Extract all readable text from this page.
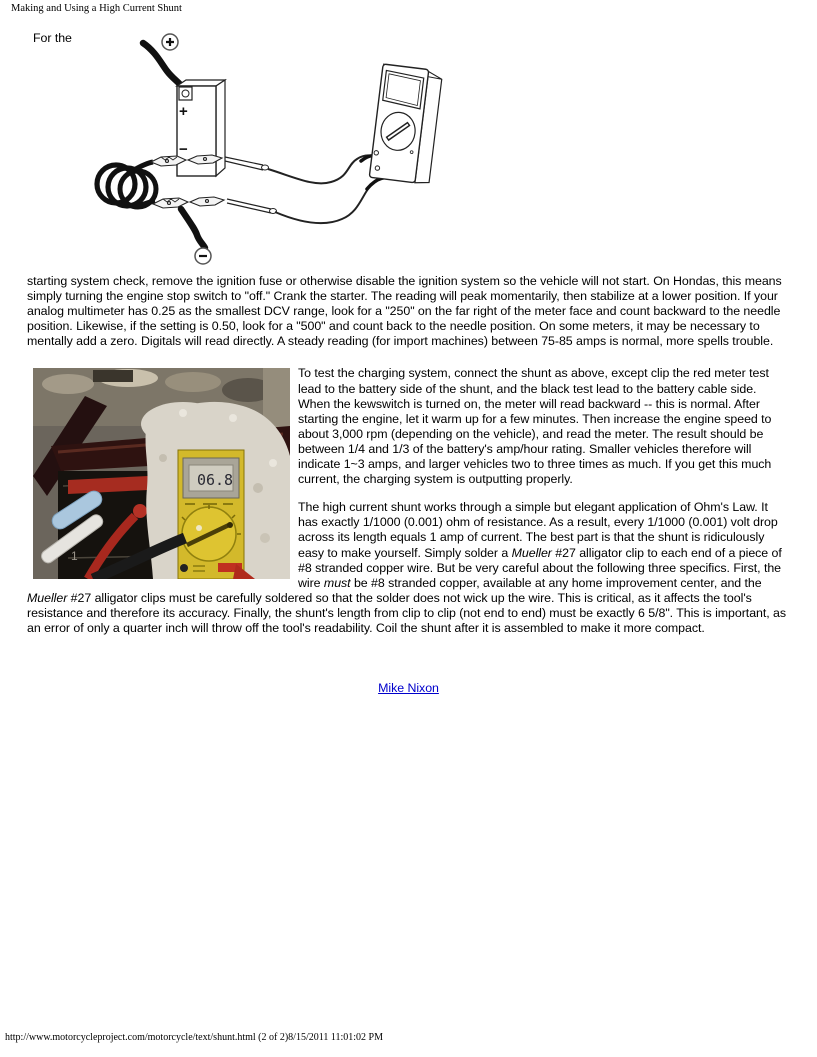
Making and Using a High Current Shunt
For the
+
−

starting system check, remove the ignition fuse or otherwise disable the ignition system so the vehicle will not start. On Hondas, this means simply turning the engine stop switch to "off." Crank the starter. The reading will peak momentarily, then stabilize at a lower position. If your analog multimeter has 0.25 as the smallest DCV range, look for a "250" on the far right of the meter face and count backward to the needle position. Likewise, if the setting is 0.50, look for a "500" and count back to the needle position. On some meters, it may be necessary to mentally add a zero. Digitals will read directly. A steady reading (for import machines) between 75-85 amps is normal, more spells trouble.

06.8
1

To test the charging system, connect the shunt as above, except clip the red meter test lead to the battery side of the shunt, and the black test lead to the battery cable side. When the kewswitch is turned on, the meter will read backward -- this is normal. After starting the engine, let it warm up for a few minutes. Then increase the engine speed to about 3,000 rpm (depending on the vehicle), and read the meter. The result should be between 1/4 and 1/3 of the battery's amp/hour rating. Smaller vehicles therefore will indicate 1~3 amps, and larger vehicles two to three times as much. If you get this much current, the charging system is outputting properly.

The high current shunt works through a simple but elegant application of Ohm's Law. It has exactly 1/1000 (0.001) ohm of resistance. As a result, every 1/1000 (0.001) volt drop across its length equals 1 amp of current. The best part is that the shunt is ridiculously easy to make yourself. Simply solder a Mueller #27 alligator clip to each end of a piece of #8 stranded copper wire. But be very careful about the following three specifics. First, the wire must be #8 stranded copper, available at any home improvement center, and the Mueller #27 alligator clips must be carefully soldered so that the solder does not wick up the wire. This is critical, as it affects the tool's resistance and therefore its accuracy. Finally, the shunt's length from clip to clip (not end to end) must be exactly 6 5/8". This is important, as an error of only a quarter inch will throw off the tool's readability. Coil the shunt after it is assembled to make it more compact.

Mike Nixon
http://www.motorcycleproject.com/motorcycle/text/shunt.html (2 of 2)8/15/2011 11:01:02 PM
